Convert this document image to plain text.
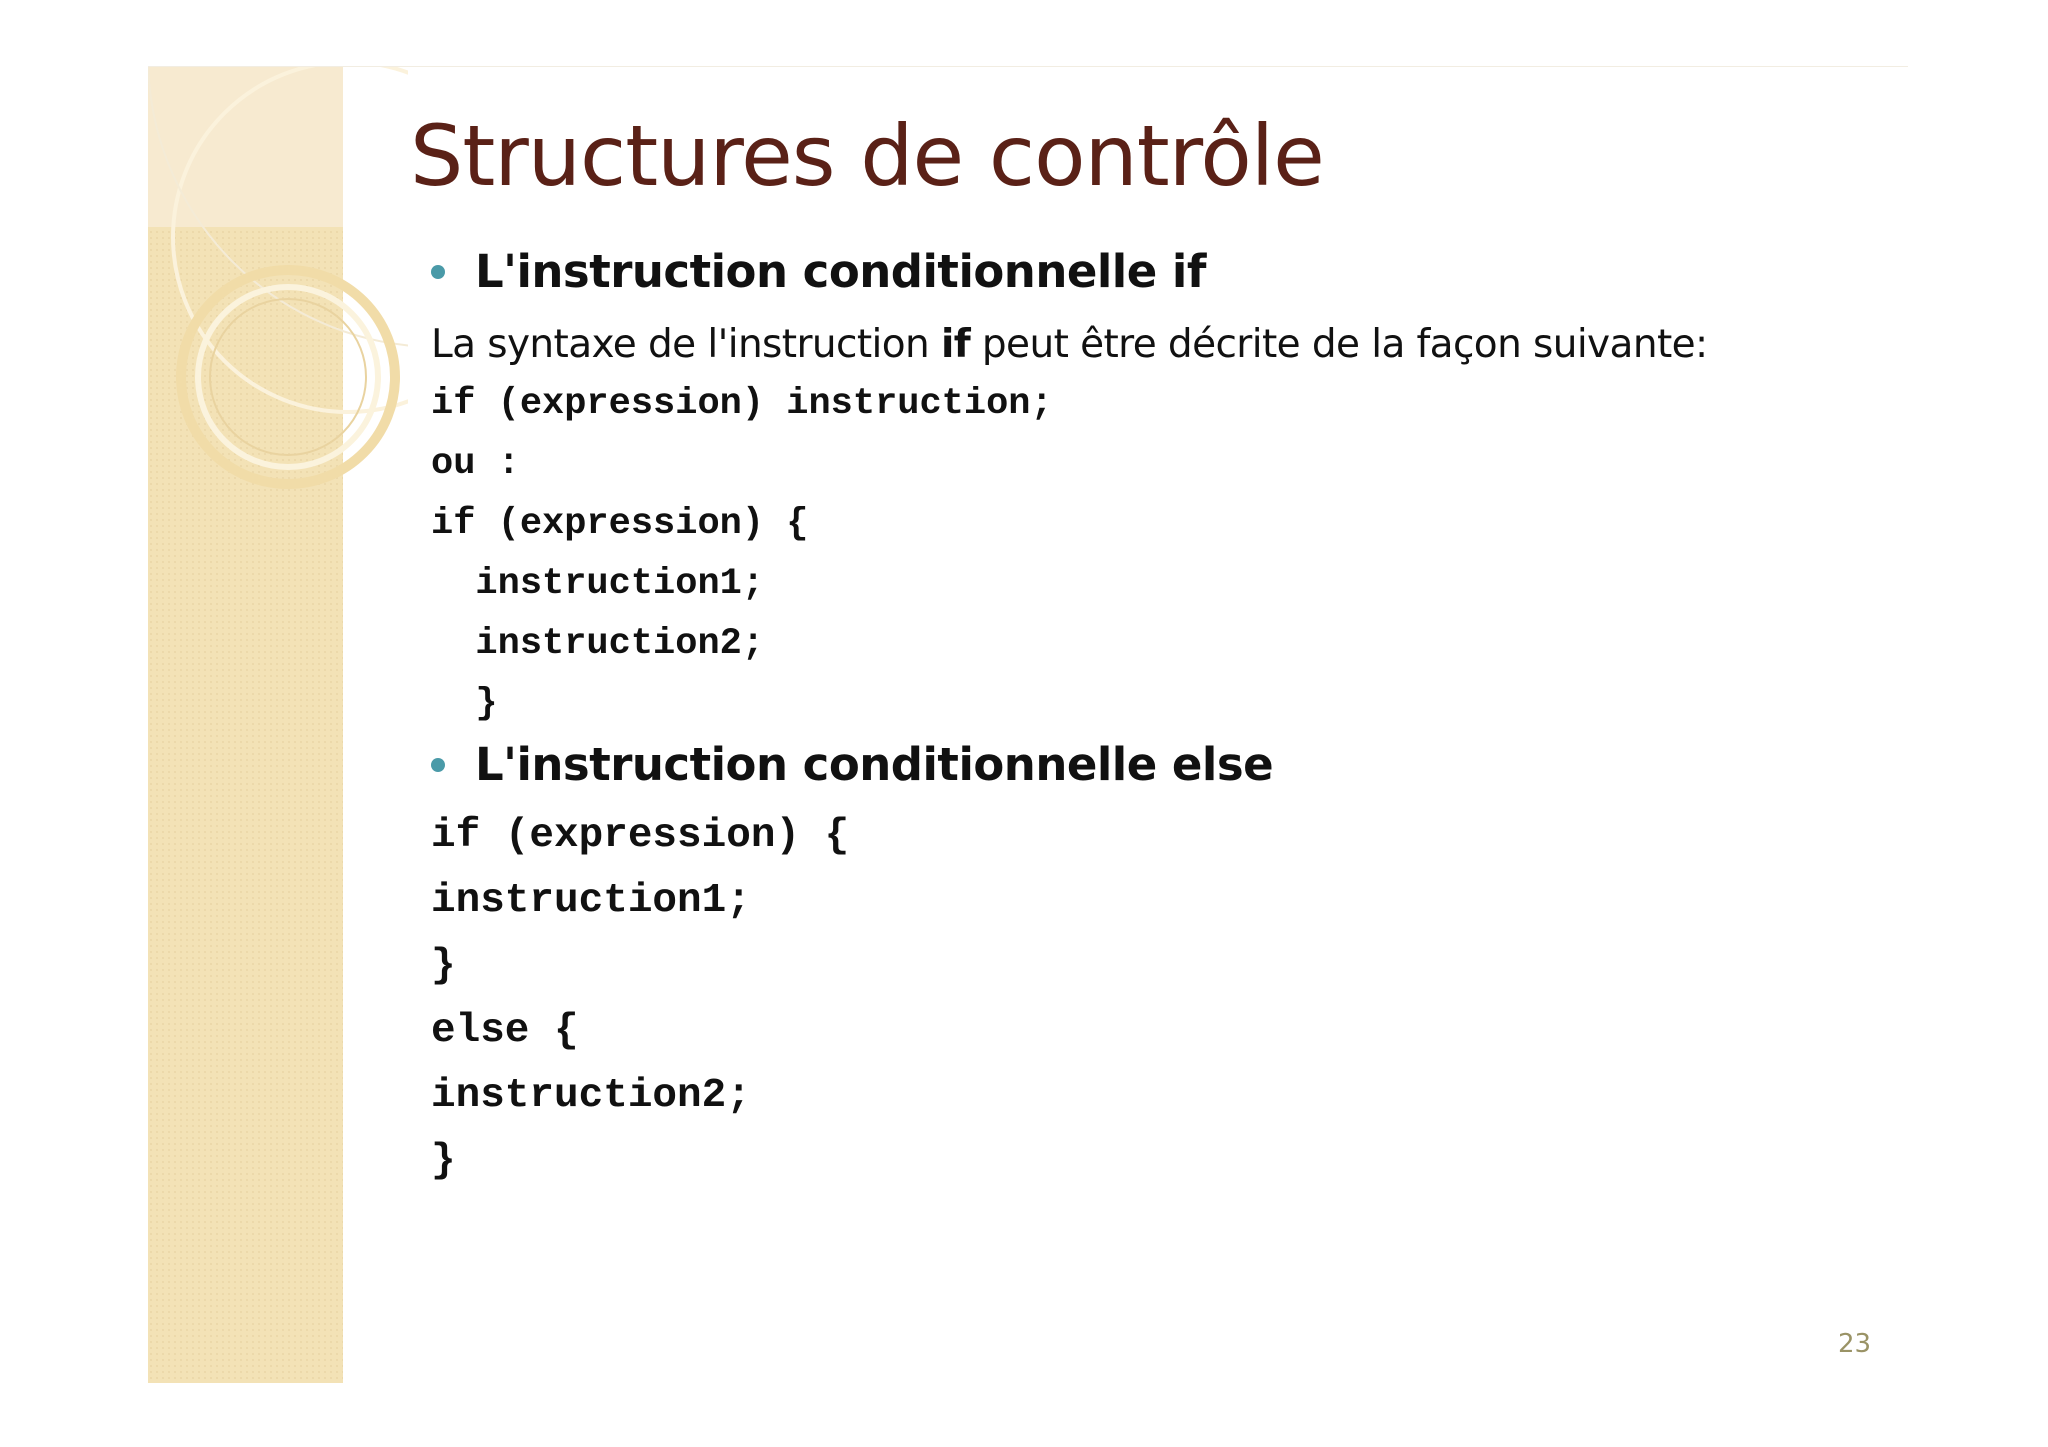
Structures de contrôle
L'instruction conditionnelle if
La syntaxe de l'instruction if peut être décrite de la façon suivante:
if (expression) instruction;
ou :
if (expression) {
instruction1;
instruction2;
}
L'instruction conditionnelle else
if (expression) {
instruction1;
}
else {
instruction2;
}
23
